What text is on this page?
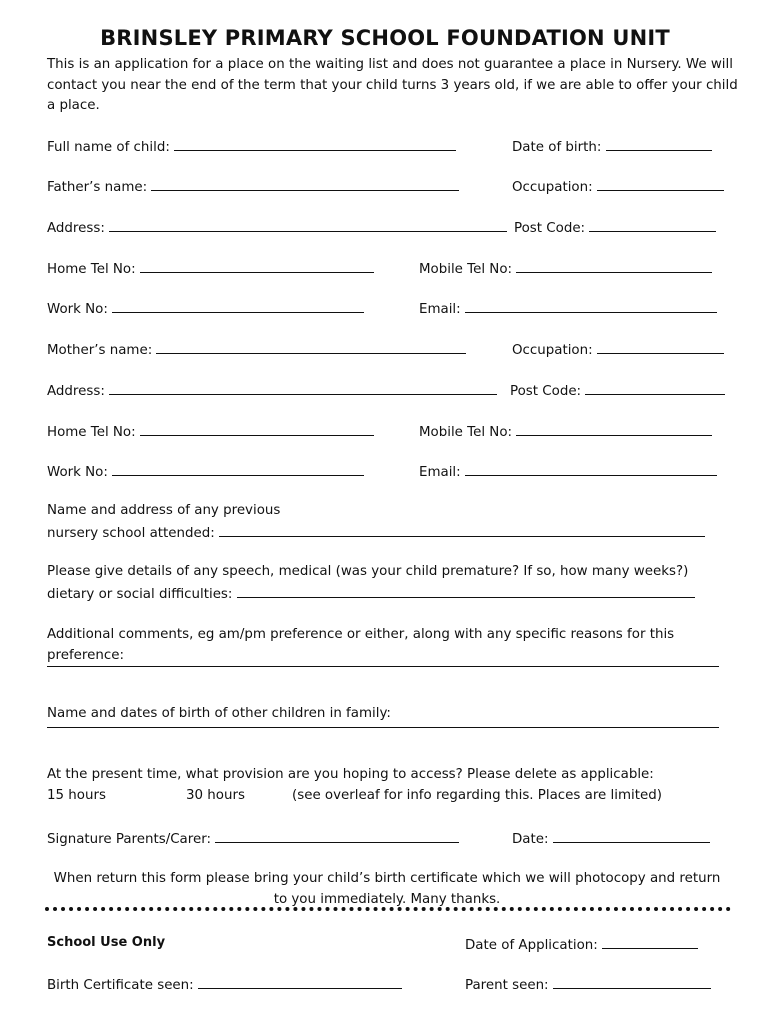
BRINSLEY PRIMARY SCHOOL FOUNDATION UNIT
This is an application for a place on the waiting list and does not guarantee a place in Nursery. We will contact you near the end of the term that your child turns 3 years old, if we are able to offer your child a place.
Full name of child:	Date of birth:
Father’s name:	Occupation:
Address:	Post Code:
Home Tel No:	Mobile Tel No:
Work No:	Email:
Mother’s name:	Occupation:
Address:	Post Code:
Home Tel No:	Mobile Tel No:
Work No:	Email:
Name and address of any previous
nursery school attended:
Please give details of any speech, medical (was your child premature? If so, how many weeks?)
dietary or social difficulties:
Additional comments, eg am/pm preference or either, along with any specific reasons for this preference:
Name and dates of birth of other children in family:
At the present time, what provision are you hoping to access? Please delete as applicable:
15 hours	30 hours	(see overleaf for info regarding this. Places are limited)
Signature Parents/Carer:	Date:
When return this form please bring your child’s birth certificate which we will photocopy and return to you immediately. Many thanks.
School Use Only	Date of Application:
Birth Certificate seen:	Parent seen:
